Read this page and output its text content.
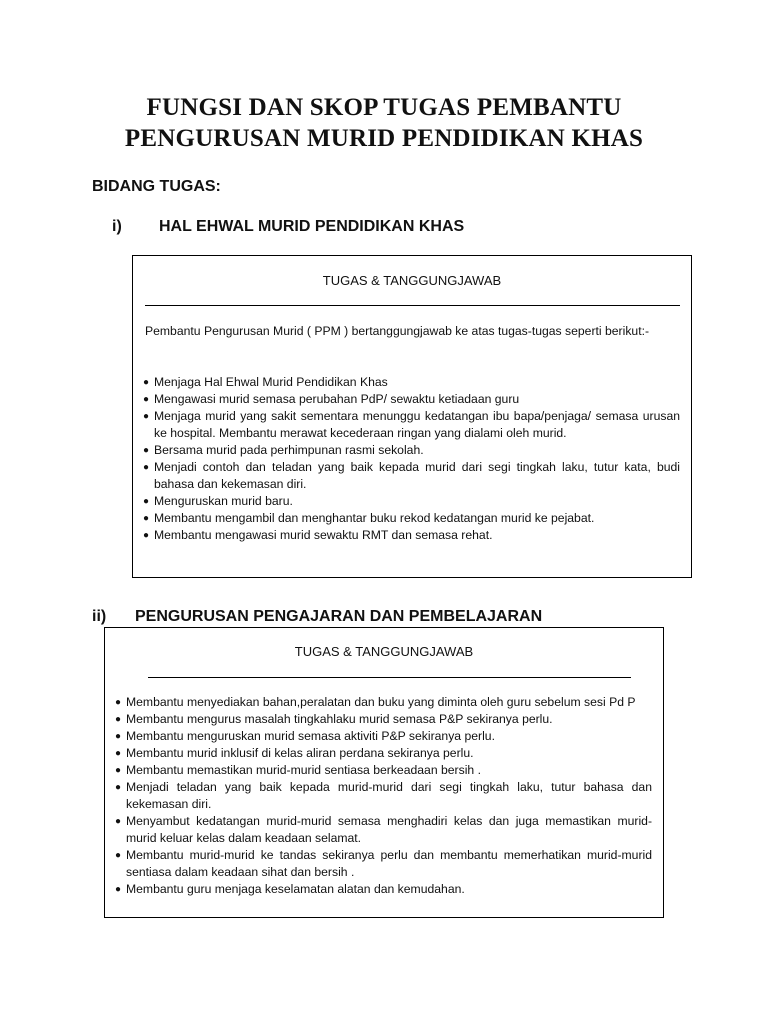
FUNGSI DAN SKOP TUGAS PEMBANTU
PENGURUSAN MURID PENDIDIKAN KHAS
BIDANG TUGAS:
i) HAL EHWAL MURID PENDIDIKAN KHAS
TUGAS & TANGGUNGJAWAB
Pembantu Pengurusan Murid ( PPM ) bertanggungjawab ke atas tugas-tugas seperti berikut:-
● Menjaga Hal Ehwal Murid Pendidikan Khas
● Mengawasi murid semasa perubahan PdP/ sewaktu ketiadaan guru
● Menjaga murid yang sakit sementara menunggu kedatangan ibu bapa/penjaga/ semasa urusan ke hospital. Membantu merawat kecederaan ringan yang dialami oleh murid.
● Bersama murid pada perhimpunan rasmi sekolah.
● Menjadi contoh dan teladan yang baik kepada murid dari segi tingkah laku, tutur kata, budi bahasa dan kekemasan diri.
● Menguruskan murid baru.
● Membantu mengambil dan menghantar buku rekod kedatangan murid ke pejabat.
● Membantu mengawasi murid sewaktu RMT dan semasa rehat.
ii) PENGURUSAN PENGAJARAN DAN PEMBELAJARAN
TUGAS & TANGGUNGJAWAB
● Membantu menyediakan bahan,peralatan dan buku yang diminta oleh guru sebelum sesi Pd P
● Membantu mengurus masalah tingkahlaku murid semasa P&P sekiranya perlu.
● Membantu menguruskan murid semasa aktiviti P&P sekiranya perlu.
● Membantu murid inklusif di kelas aliran perdana sekiranya perlu.
● Membantu memastikan murid-murid sentiasa berkeadaan bersih .
● Menjadi teladan yang baik kepada murid-murid dari segi tingkah laku, tutur bahasa dan kekemasan diri.
● Menyambut kedatangan murid-murid semasa menghadiri kelas dan juga memastikan murid-murid keluar kelas dalam keadaan selamat.
● Membantu murid-murid ke tandas sekiranya perlu dan membantu memerhatikan murid-murid sentiasa dalam keadaan sihat dan bersih .
● Membantu guru menjaga keselamatan alatan dan kemudahan.
